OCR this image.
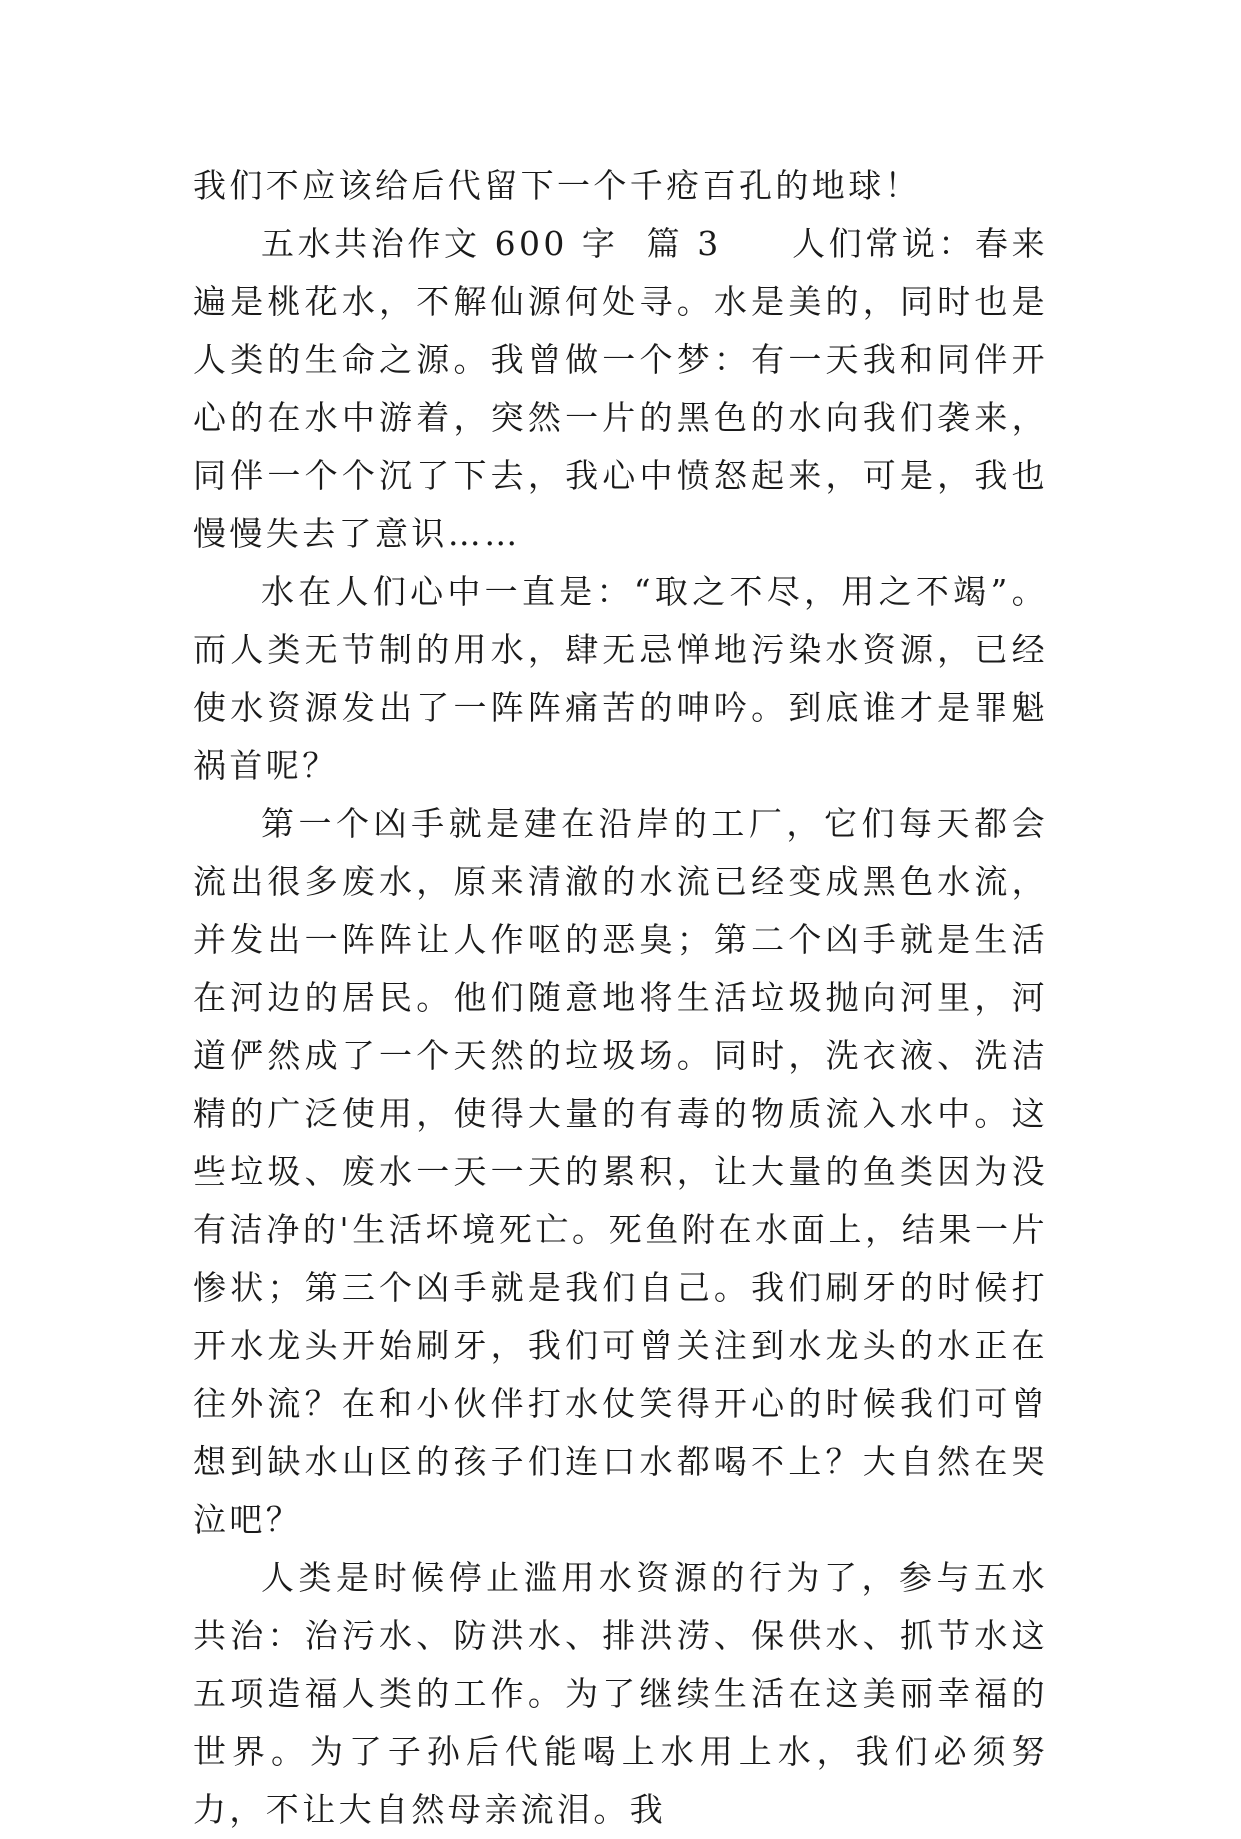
我们不应该给后代留下一个千疮百孔的地球！

五水共治作文 600 字  篇 3     人们常说：春来遍是桃花水，不解仙源何处寻。水是美的，同时也是人类的生命之源。我曾做一个梦：有一天我和同伴开心的在水中游着，突然一片的黑色的水向我们袭来，同伴一个个沉了下去，我心中愤怒起来，可是，我也慢慢失去了意识……

水在人们心中一直是：“取之不尽，用之不竭”。而人类无节制的用水，肆无忌惮地污染水资源，已经使水资源发出了一阵阵痛苦的呻吟。到底谁才是罪魁祸首呢？

第一个凶手就是建在沿岸的工厂，它们每天都会流出很多废水，原来清澈的水流已经变成黑色水流，并发出一阵阵让人作呕的恶臭；第二个凶手就是生活在河边的居民。他们随意地将生活垃圾抛向河里，河道俨然成了一个天然的垃圾场。同时，洗衣液、洗洁精的广泛使用，使得大量的有毒的物质流入水中。这些垃圾、废水一天一天的累积，让大量的鱼类因为没有洁净的'生活坏境死亡。死鱼附在水面上，结果一片惨状；第三个凶手就是我们自己。我们刷牙的时候打开水龙头开始刷牙，我们可曾关注到水龙头的水正在往外流？在和小伙伴打水仗笑得开心的时候我们可曾想到缺水山区的孩子们连口水都喝不上？大自然在哭泣吧？

人类是时候停止滥用水资源的行为了，参与五水共治：治污水、防洪水、排洪涝、保供水、抓节水这五项造福人类的工作。为了继续生活在这美丽幸福的世界。为了子孙后代能喝上水用上水，我们必须努力，不让大自然母亲流泪。我
